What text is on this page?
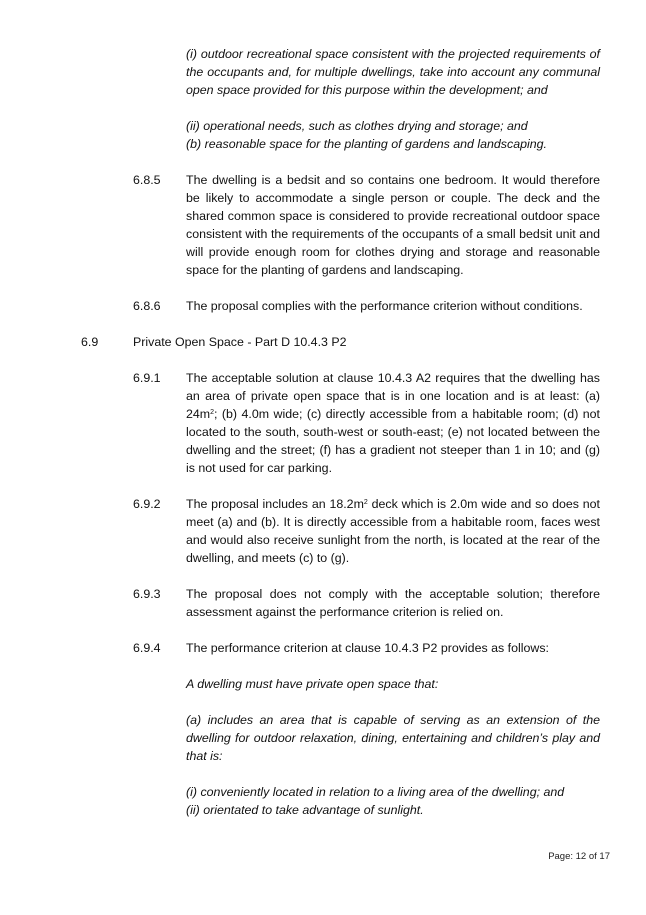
(i) outdoor recreational space consistent with the projected requirements of the occupants and, for multiple dwellings, take into account any communal open space provided for this purpose within the development; and

(ii) operational needs, such as clothes drying and storage; and

(b) reasonable space for the planting of gardens and landscaping.

6.8.5 The dwelling is a bedsit and so contains one bedroom. It would therefore be likely to accommodate a single person or couple. The deck and the shared common space is considered to provide recreational outdoor space consistent with the requirements of the occupants of a small bedsit unit and will provide enough room for clothes drying and storage and reasonable space for the planting of gardens and landscaping.

6.8.6 The proposal complies with the performance criterion without conditions.

6.9	Private Open Space - Part D 10.4.3 P2

6.9.1 The acceptable solution at clause 10.4.3 A2 requires that the dwelling has an area of private open space that is in one location and is at least: (a) $24m^2$; (b) 4.0m wide; (c) directly accessible from a habitable room; (d) not located to the south, south-west or south-east; (e) not located between the dwelling and the street; (f) has a gradient not steeper than 1 in 10; and (g) is not used for car parking.

6.9.2 The proposal includes an $18.2m^2$ deck which is 2.0m wide and so does not meet (a) and (b). It is directly accessible from a habitable room, faces west and would also receive sunlight from the north, is located at the rear of the dwelling, and meets (c) to (g).

6.9.3 The proposal does not comply with the acceptable solution; therefore assessment against the performance criterion is relied on.

6.9.4 The performance criterion at clause 10.4.3 P2 provides as follows:

A dwelling must have private open space that:

(a) includes an area that is capable of serving as an extension of the dwelling for outdoor relaxation, dining, entertaining and children’s play and that is:

(i) conveniently located in relation to a living area of the dwelling; and

(ii) orientated to take advantage of sunlight.

Page: 12 of 17
